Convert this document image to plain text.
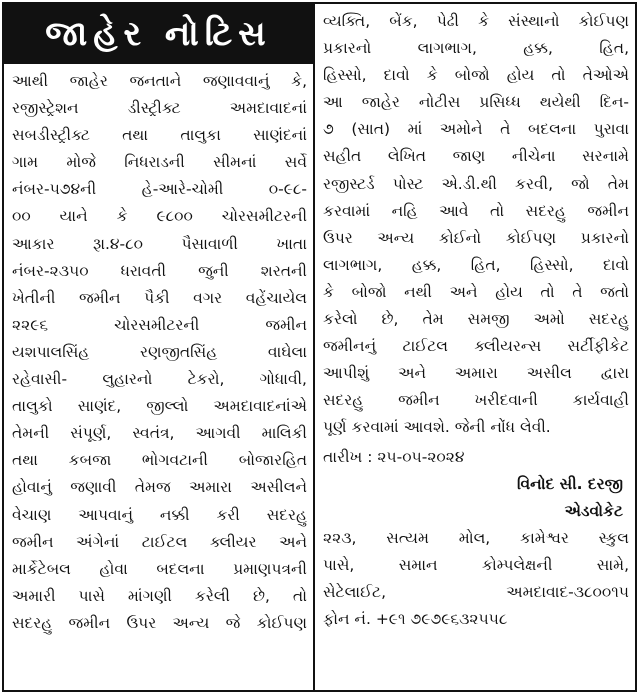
જાહેર નોટિસ
આથી જાહેર જનતાને જણાવવાનું કે,
રજીસ્ટ્રેશન ડીસ્ટ્રીક્ટ અમદાવાદનાં
સબડીસ્ટ્રીક્ટ તથા તાલુકા સાણંદનાં
ગામ મોજે નિધરાડની સીમનાં સર્વે
નંબર-૫૭૪ની હે-આરે-ચોમી ૦-૯૮-
૦૦ યાને કે ૯૮૦૦ ચોરસમીટરની
આકાર રૂા.૪-૮૦ પૈસાવાળી ખાતા
નંબર-૨૩૫૦ ધરાવતી જુની શરતની
ખેતીની જમીન પૈકી વગર વહેંચાયેલ
૨૨૯૬ ચોરસમીટરની જમીન
યશપાલસિંહ રણજીતસિંહ વાઘેલા
રહેવાસી- લુહારનો ટેકરો, ગોધાવી,
તાલુકો સાણંદ, જીલ્લો અમદાવાદનાંએ
તેમની સંપૂર્ણ, સ્વતંત્ર, આગવી માલિકી
તથા કબજા ભોગવટાની બોજારહિત
હોવાનું જણાવી તેમજ અમારા અસીલને
વેચાણ આપવાનું નક્કી કરી સદરહુ
જમીન અંગેનાં ટાઈટલ ક્લીયર અને
માર્કેટેબલ હોવા બદલના પ્રમાણપત્રની
અમારી પાસે માંગણી કરેલી છે, તો
સદરહુ જમીન ઉપર અન્ય જે કોઈપણ
વ્યક્તિ, બેંક, પેઢી કે સંસ્થાનો કોઈપણ
પ્રકારનો લાગભાગ, હક્ક, હિત,
હિસ્સો, દાવો કે બોજો હોય તો તેઓએ
આ જાહેર નોટીસ પ્રસિધ્ધ થયેથી દિન-
૭ (સાત) માં અમોને તે બદલના પુરાવા
સહીત લેખિત જાણ નીચેના સરનામે
રજીસ્ટર્ડ પોસ્ટ એ.ડી.થી કરવી, જો તેમ
કરવામાં નહિ આવે તો સદરહુ જમીન
ઉપર અન્ય કોઈનો કોઈપણ પ્રકારનો
લાગભાગ, હક્ક, હિત, હિસ્સો, દાવો
કે બોજો નથી અને હોય તો તે જતો
કરેલો છે, તેમ સમજી અમો સદરહુ
જમીનનું ટાઈટલ ક્લીયરન્સ સર્ટીફીકેટ
આપીશું અને અમારા અસીલ દ્વારા
સદરહુ જમીન ખરીદવાની કાર્યવાહી
પૂર્ણ કરવામાં આવશે. જેની નોંધ લેવી.
તારીખ : ૨૫-૦૫-૨૦૨૪
વિનોદ સી. દરજી
એડવોકેટ
૨૨૩, સત્યમ મોલ, કામેશ્વર સ્કુલ
પાસે, સમાન કોમ્પલેક્ષની સામે,
સેટેલાઈટ, અમદાવાદ-૩૮૦૦૧૫
ફોન નં. +૯૧ ૭૯૭૯૬૩૨૫૫૮
